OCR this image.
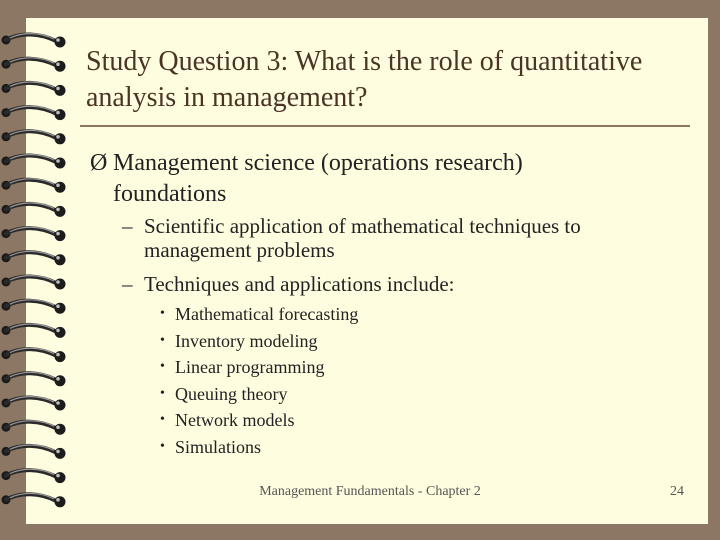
Study Question 3: What is the role of quantitative analysis in management?
Ø Management science (operations research) foundations
– Scientific application of mathematical techniques to management problems
– Techniques and applications include:
• Mathematical forecasting
• Inventory modeling
• Linear programming
• Queuing theory
• Network models
• Simulations
Management Fundamentals - Chapter 2	24
